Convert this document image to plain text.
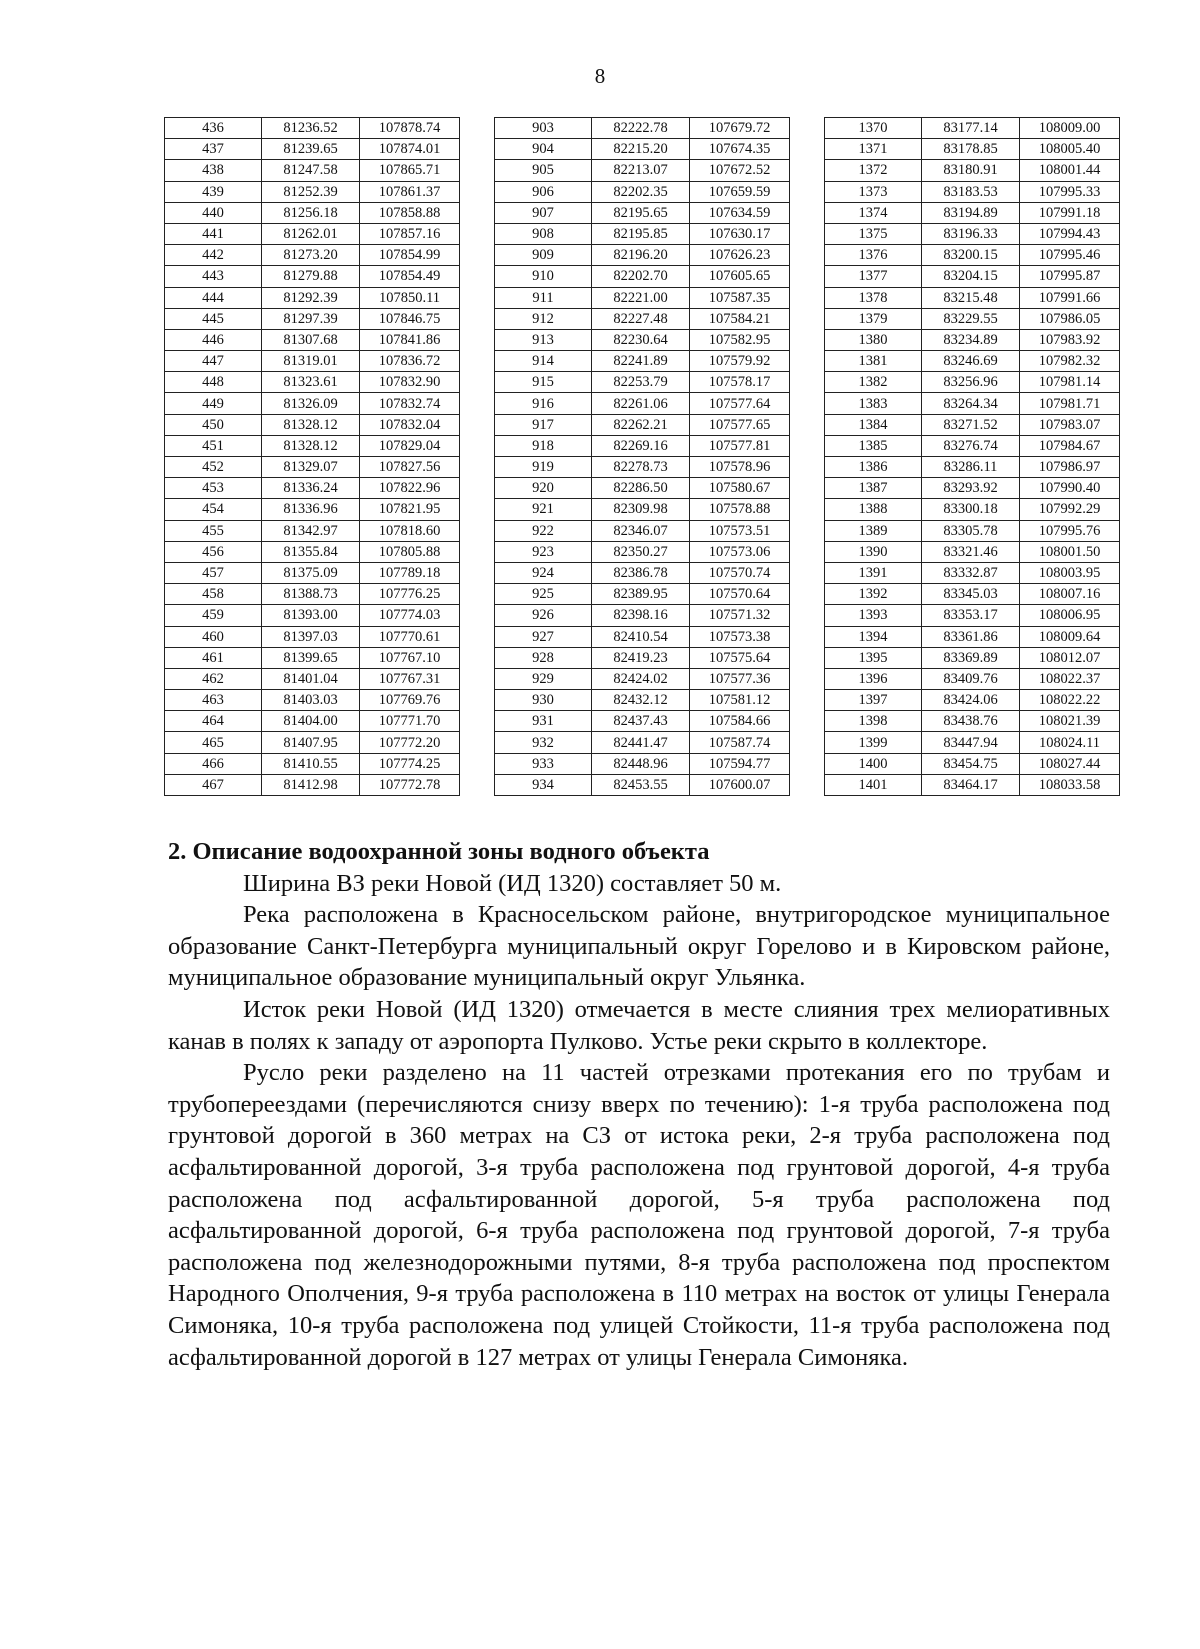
8
436	81236.52	107878.74
437	81239.65	107874.01
438	81247.58	107865.71
439	81252.39	107861.37
440	81256.18	107858.88
441	81262.01	107857.16
442	81273.20	107854.99
443	81279.88	107854.49
444	81292.39	107850.11
445	81297.39	107846.75
446	81307.68	107841.86
447	81319.01	107836.72
448	81323.61	107832.90
449	81326.09	107832.74
450	81328.12	107832.04
451	81328.12	107829.04
452	81329.07	107827.56
453	81336.24	107822.96
454	81336.96	107821.95
455	81342.97	107818.60
456	81355.84	107805.88
457	81375.09	107789.18
458	81388.73	107776.25
459	81393.00	107774.03
460	81397.03	107770.61
461	81399.65	107767.10
462	81401.04	107767.31
463	81403.03	107769.76
464	81404.00	107771.70
465	81407.95	107772.20
466	81410.55	107774.25
467	81412.98	107772.78
903	82222.78	107679.72
904	82215.20	107674.35
905	82213.07	107672.52
906	82202.35	107659.59
907	82195.65	107634.59
908	82195.85	107630.17
909	82196.20	107626.23
910	82202.70	107605.65
911	82221.00	107587.35
912	82227.48	107584.21
913	82230.64	107582.95
914	82241.89	107579.92
915	82253.79	107578.17
916	82261.06	107577.64
917	82262.21	107577.65
918	82269.16	107577.81
919	82278.73	107578.96
920	82286.50	107580.67
921	82309.98	107578.88
922	82346.07	107573.51
923	82350.27	107573.06
924	82386.78	107570.74
925	82389.95	107570.64
926	82398.16	107571.32
927	82410.54	107573.38
928	82419.23	107575.64
929	82424.02	107577.36
930	82432.12	107581.12
931	82437.43	107584.66
932	82441.47	107587.74
933	82448.96	107594.77
934	82453.55	107600.07
1370	83177.14	108009.00
1371	83178.85	108005.40
1372	83180.91	108001.44
1373	83183.53	107995.33
1374	83194.89	107991.18
1375	83196.33	107994.43
1376	83200.15	107995.46
1377	83204.15	107995.87
1378	83215.48	107991.66
1379	83229.55	107986.05
1380	83234.89	107983.92
1381	83246.69	107982.32
1382	83256.96	107981.14
1383	83264.34	107981.71
1384	83271.52	107983.07
1385	83276.74	107984.67
1386	83286.11	107986.97
1387	83293.92	107990.40
1388	83300.18	107992.29
1389	83305.78	107995.76
1390	83321.46	108001.50
1391	83332.87	108003.95
1392	83345.03	108007.16
1393	83353.17	108006.95
1394	83361.86	108009.64
1395	83369.89	108012.07
1396	83409.76	108022.37
1397	83424.06	108022.22
1398	83438.76	108021.39
1399	83447.94	108024.11
1400	83454.75	108027.44
1401	83464.17	108033.58
2. Описание водоохранной зоны водного объекта

Ширина ВЗ реки Новой (ИД 1320) составляет 50 м.

Река расположена в Красносельском районе, внутригородское муниципальное образование Санкт-Петербурга муниципальный округ Горелово и в Кировском районе, муниципальное образование муниципальный округ Ульянка.

Исток реки Новой (ИД 1320) отмечается в месте слияния трех мелиоративных канав в полях к западу от аэропорта Пулково. Устье реки скрыто в коллекторе.

Русло реки разделено на 11 частей отрезками протекания его по трубам и трубопереездами (перечисляются снизу вверх по течению): 1-я труба расположена под грунтовой дорогой в 360 метрах на СЗ от истока реки, 2-я труба расположена под асфальтированной дорогой, 3-я труба расположена под грунтовой дорогой, 4-я труба расположена под асфальтированной дорогой, 5-я труба расположена под асфальтированной дорогой, 6-я труба расположена под грунтовой дорогой, 7-я труба расположена под железнодорожными путями, 8-я труба расположена под проспектом Народного Ополчения, 9-я труба расположена в 110 метрах на восток от улицы Генерала Симоняка, 10-я труба расположена под улицей Стойкости, 11-я труба расположена под асфальтированной дорогой в 127 метрах от улицы Генерала Симоняка.
